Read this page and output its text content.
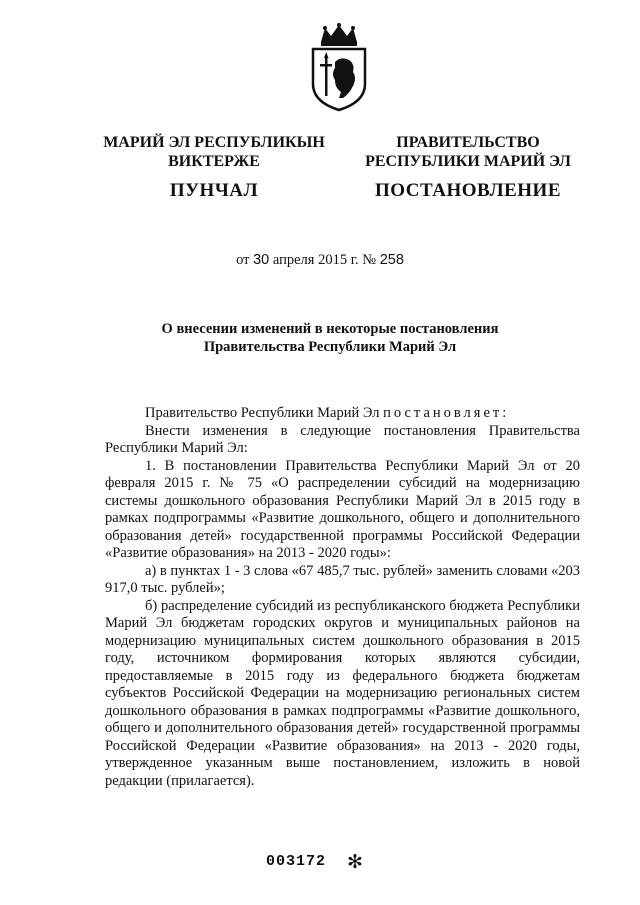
МАРИЙ ЭЛ РЕСПУБЛИКЫН
ВИКТЕРЖЕ
ПУНЧАЛ
ПРАВИТЕЛЬСТВО
РЕСПУБЛИКИ МАРИЙ ЭЛ
ПОСТАНОВЛЕНИЕ
от 30 апреля 2015 г. № 258
О внесении изменений в некоторые постановления
Правительства Республики Марий Эл

Правительство Республики Марий Эл постановляет:

Внести изменения в следующие постановления Правительства Республики Марий Эл:

1. В постановлении Правительства Республики Марий Эл от 20 февраля 2015 г. № 75 «О распределении субсидий на модернизацию системы дошкольного образования Республики Марий Эл в 2015 году в рамках подпрограммы «Развитие дошкольного, общего и дополнительного образования детей» государственной программы Российской Федерации «Развитие образования» на 2013 - 2020 годы»:

а) в пунктах 1 - 3 слова «67 485,7 тыс. рублей» заменить словами «203 917,0 тыс. рублей»;

б) распределение субсидий из республиканского бюджета Республики Марий Эл бюджетам городских округов и муниципальных районов на модернизацию муниципальных систем дошкольного образования в 2015 году, источником формирования которых являются субсидии, предоставляемые в 2015 году из федерального бюджета бюджетам субъектов Российской Федерации на модернизацию региональных систем дошкольного образования в рамках подпрограммы «Развитие дошкольного, общего и дополнительного образования детей» государственной программы Российской Федерации «Развитие образования» на 2013 - 2020 годы, утвержденное указанным выше постановлением, изложить в новой редакции (прилагается).

003172 ✻
